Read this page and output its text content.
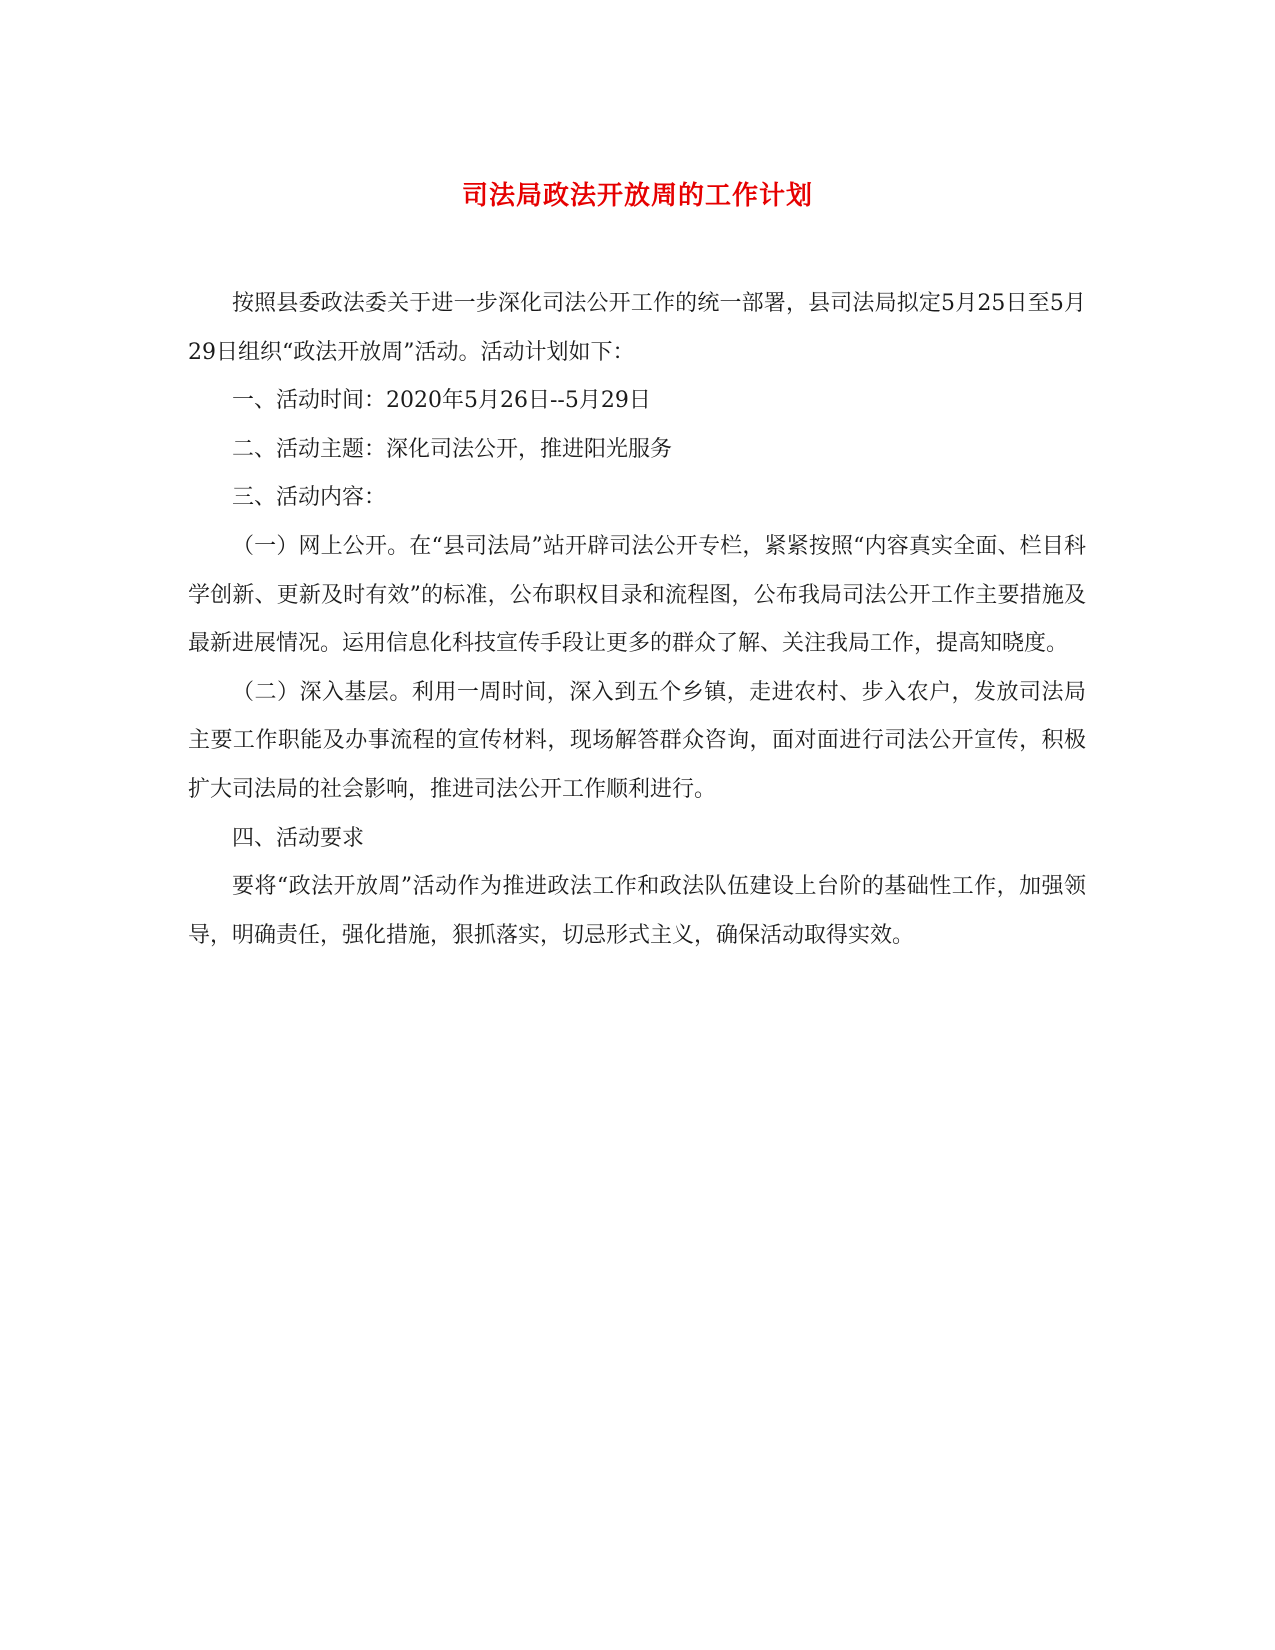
司法局政法开放周的工作计划

按照县委政法委关于进一步深化司法公开工作的统一部署，县司法局拟定5月25日至5月29日组织“政法开放周”活动。活动计划如下：

一、活动时间：2020年5月26日--5月29日

二、活动主题：深化司法公开，推进阳光服务

三、活动内容：

（一）网上公开。在“县司法局”站开辟司法公开专栏，紧紧按照“内容真实全面、栏目科学创新、更新及时有效”的标准，公布职权目录和流程图，公布我局司法公开工作主要措施及最新进展情况。运用信息化科技宣传手段让更多的群众了解、关注我局工作，提高知晓度。

（二）深入基层。利用一周时间，深入到五个乡镇，走进农村、步入农户，发放司法局主要工作职能及办事流程的宣传材料，现场解答群众咨询，面对面进行司法公开宣传，积极扩大司法局的社会影响，推进司法公开工作顺利进行。

四、活动要求

要将“政法开放周”活动作为推进政法工作和政法队伍建设上台阶的基础性工作，加强领导，明确责任，强化措施，狠抓落实，切忌形式主义，确保活动取得实效。
